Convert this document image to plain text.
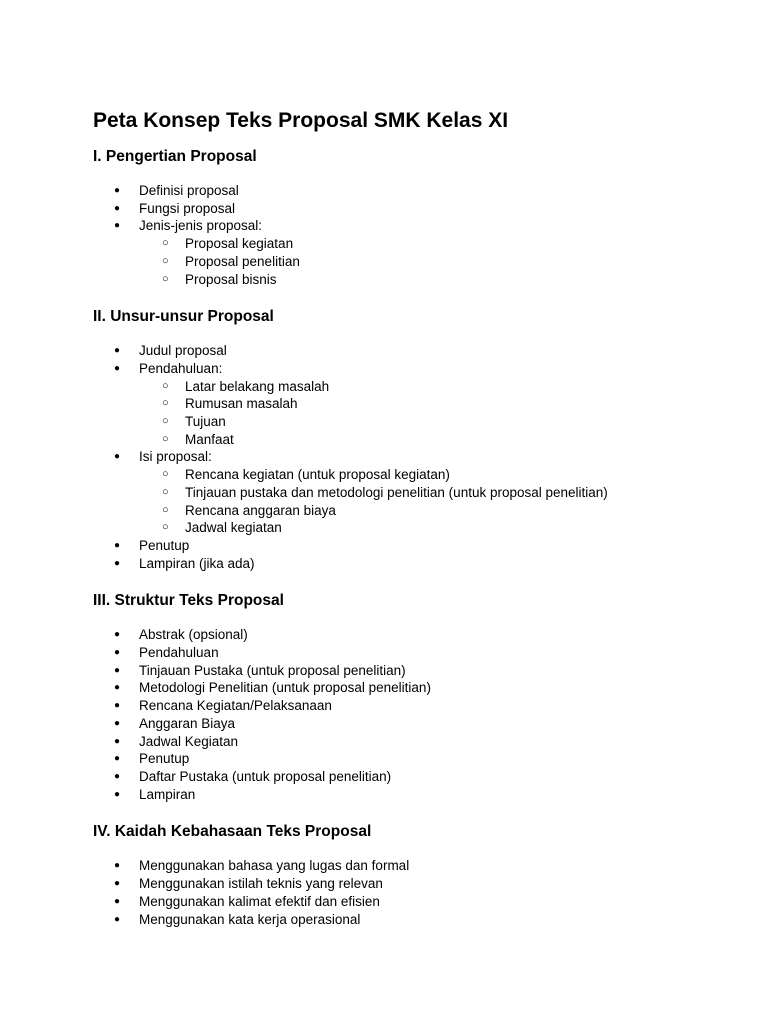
Peta Konsep Teks Proposal SMK Kelas XI
I. Pengertian Proposal
● Definisi proposal
● Fungsi proposal
● Jenis-jenis proposal:
○ Proposal kegiatan
○ Proposal penelitian
○ Proposal bisnis
II. Unsur-unsur Proposal
● Judul proposal
● Pendahuluan:
○ Latar belakang masalah
○ Rumusan masalah
○ Tujuan
○ Manfaat
● Isi proposal:
○ Rencana kegiatan (untuk proposal kegiatan)
○ Tinjauan pustaka dan metodologi penelitian (untuk proposal penelitian)
○ Rencana anggaran biaya
○ Jadwal kegiatan
● Penutup
● Lampiran (jika ada)
III. Struktur Teks Proposal
● Abstrak (opsional)
● Pendahuluan
● Tinjauan Pustaka (untuk proposal penelitian)
● Metodologi Penelitian (untuk proposal penelitian)
● Rencana Kegiatan/Pelaksanaan
● Anggaran Biaya
● Jadwal Kegiatan
● Penutup
● Daftar Pustaka (untuk proposal penelitian)
● Lampiran
IV. Kaidah Kebahasaan Teks Proposal
● Menggunakan bahasa yang lugas dan formal
● Menggunakan istilah teknis yang relevan
● Menggunakan kalimat efektif dan efisien
● Menggunakan kata kerja operasional
